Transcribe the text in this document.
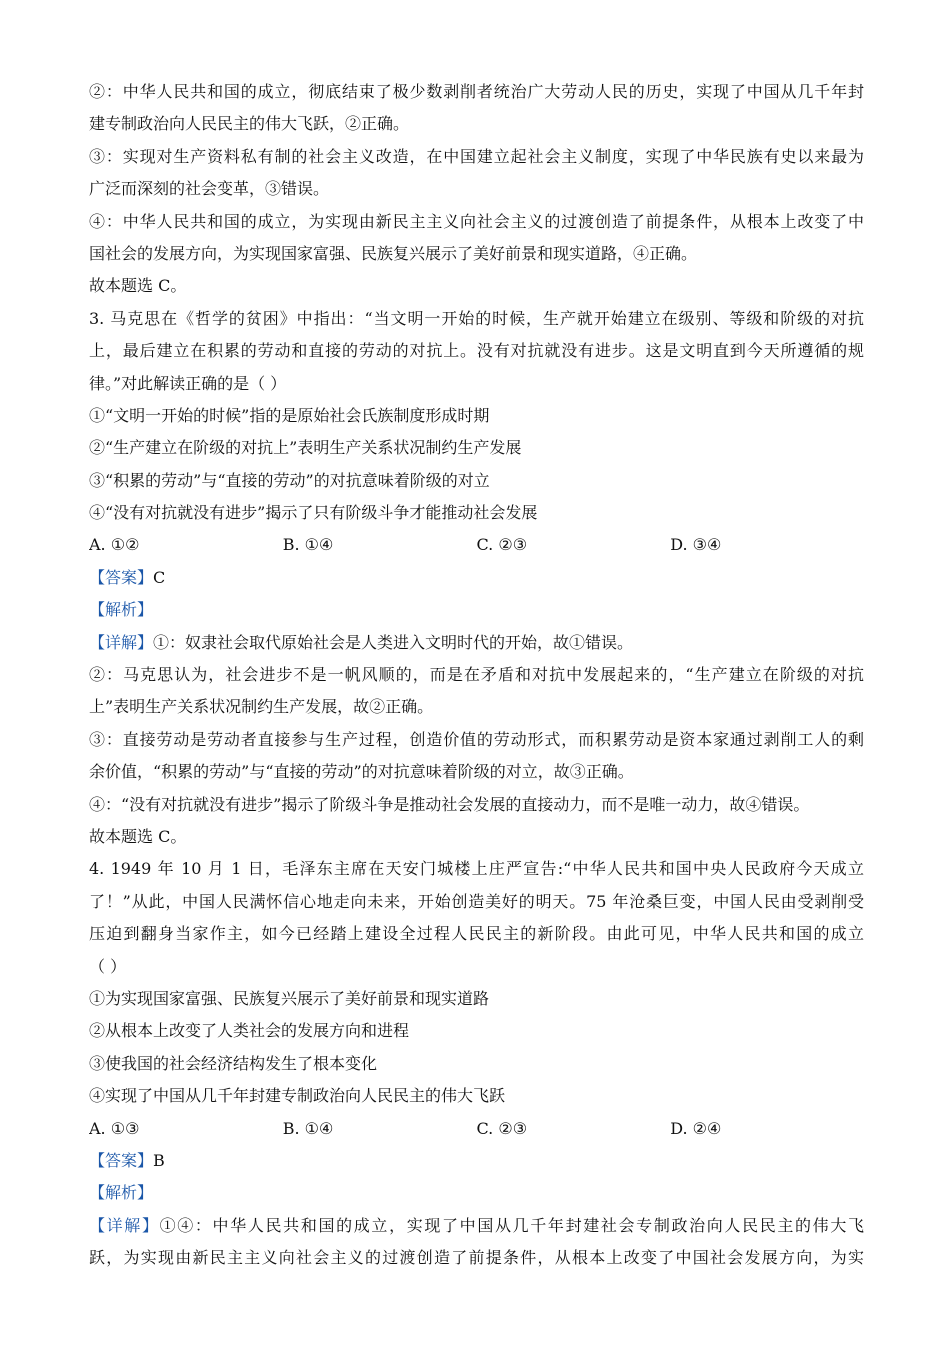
②：中华人民共和国的成立，彻底结束了极少数剥削者统治广大劳动人民的历史，实现了中国从几千年封
建专制政治向人民民主的伟大飞跃，②正确。
③：实现对生产资料私有制的社会主义改造，在中国建立起社会主义制度，实现了中华民族有史以来最为
广泛而深刻的社会变革，③错误。
④：中华人民共和国的成立，为实现由新民主主义向社会主义的过渡创造了前提条件，从根本上改变了中
国社会的发展方向，为实现国家富强、民族复兴展示了美好前景和现实道路，④正确。
故本题选 C。
3. 马克思在《哲学的贫困》中指出：“当文明一开始的时候，生产就开始建立在级别、等级和阶级的对抗
上，最后建立在积累的劳动和直接的劳动的对抗上。没有对抗就没有进步。这是文明直到今天所遵循的规
律。”对此解读正确的是（ ）
①“文明一开始的时候”指的是原始社会氏族制度形成时期
②“生产建立在阶级的对抗上”表明生产关系状况制约生产发展
③“积累的劳动”与“直接的劳动”的对抗意味着阶级的对立
④“没有对抗就没有进步”揭示了只有阶级斗争才能推动社会发展
A. ①②	B. ①④	C. ②③	D. ③④
【答案】C
【解析】
【详解】①：奴隶社会取代原始社会是人类进入文明时代的开始，故①错误。
②：马克思认为，社会进步不是一帆风顺的，而是在矛盾和对抗中发展起来的，“生产建立在阶级的对抗
上”表明生产关系状况制约生产发展，故②正确。
③：直接劳动是劳动者直接参与生产过程，创造价值的劳动形式，而积累劳动是资本家通过剥削工人的剩
余价值，“积累的劳动”与“直接的劳动”的对抗意味着阶级的对立，故③正确。
④：“没有对抗就没有进步”揭示了阶级斗争是推动社会发展的直接动力，而不是唯一动力，故④错误。
故本题选 C。
4. 1949 年 10 月 1 日，毛泽东主席在天安门城楼上庄严宣告:“中华人民共和国中央人民政府今天成立
了！”从此，中国人民满怀信心地走向未来，开始创造美好的明天。75 年沧桑巨变，中国人民由受剥削受
压迫到翻身当家作主，如今已经踏上建设全过程人民民主的新阶段。由此可见，中华人民共和国的成立
（ ）
①为实现国家富强、民族复兴展示了美好前景和现实道路
②从根本上改变了人类社会的发展方向和进程
③使我国的社会经济结构发生了根本变化
④实现了中国从几千年封建专制政治向人民民主的伟大飞跃
A. ①③	B. ①④	C. ②③	D. ②④
【答案】B
【解析】
【详解】①④：中华人民共和国的成立，实现了中国从几千年封建社会专制政治向人民民主的伟大飞
跃，为实现由新民主主义向社会主义的过渡创造了前提条件，从根本上改变了中国社会发展方向，为实
